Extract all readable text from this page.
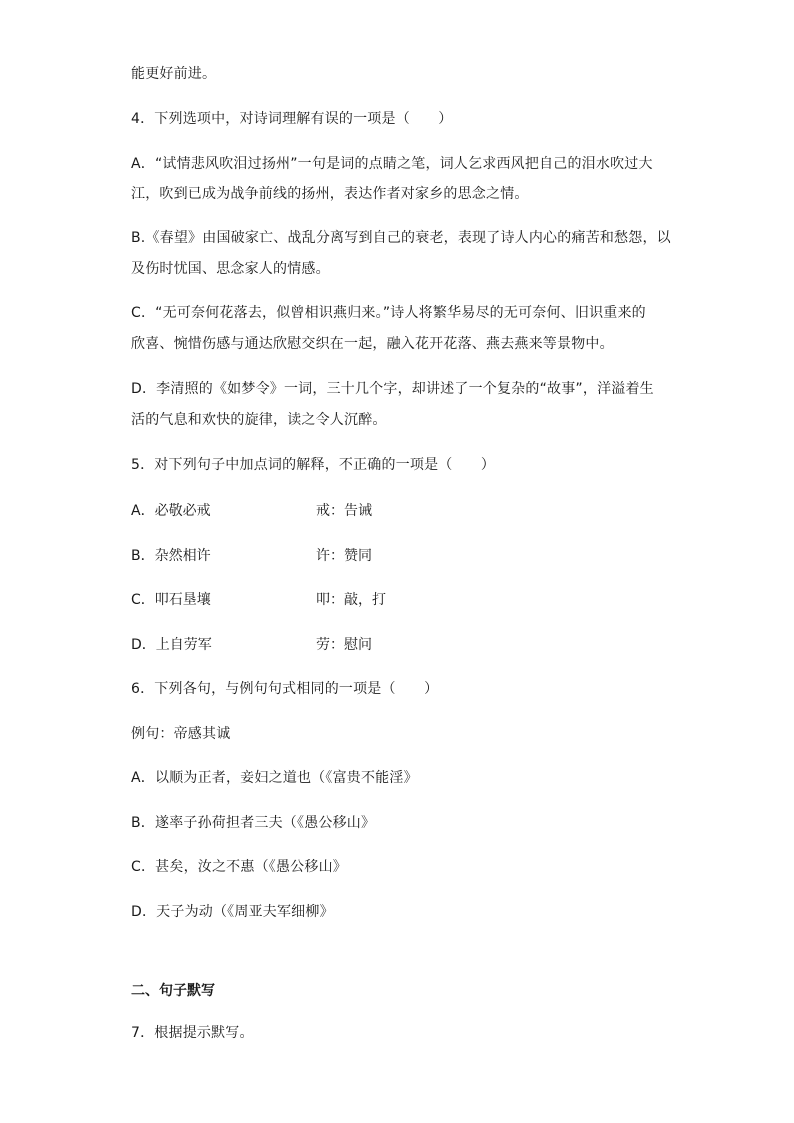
能更好前进。
4．下列选项中，对诗词理解有误的一项是（　　）
A．“试情悲风吹泪过扬州”一句是词的点睛之笔，词人乞求西风把自己的泪水吹过大
江，吹到已成为战争前线的扬州，表达作者对家乡的思念之情。
B.《春望》由国破家亡、战乱分离写到自己的衰老，表现了诗人内心的痛苦和愁怨，以
及伤时忧国、思念家人的情感。
C．“无可奈何花落去，似曾相识燕归来。”诗人将繁华易尽的无可奈何、旧识重来的
欣喜、惋惜伤感与通达欣慰交织在一起，融入花开花落、燕去燕来等景物中。
D．李清照的《如梦令》一词，三十几个字，却讲述了一个复杂的“故事”，洋溢着生
活的气息和欢快的旋律，读之令人沉醉。
5．对下列句子中加点词的解释，不正确的一项是（　　）
A．必敬必戒	戒：告诫
B．杂然相许	许：赞同
C．叩石垦壤	叩：敲，打
D．上自劳军	劳：慰问
6．下列各句，与例句句式相同的一项是（　　）
例句：帝感其诚
A．以顺为正者，妾妇之道也（《富贵不能淫》
B．遂率子孙荷担者三夫（《愚公移山》
C．甚矣，汝之不惠（《愚公移山》
D．天子为动（《周亚夫军细柳》
二、句子默写
7．根据提示默写。
